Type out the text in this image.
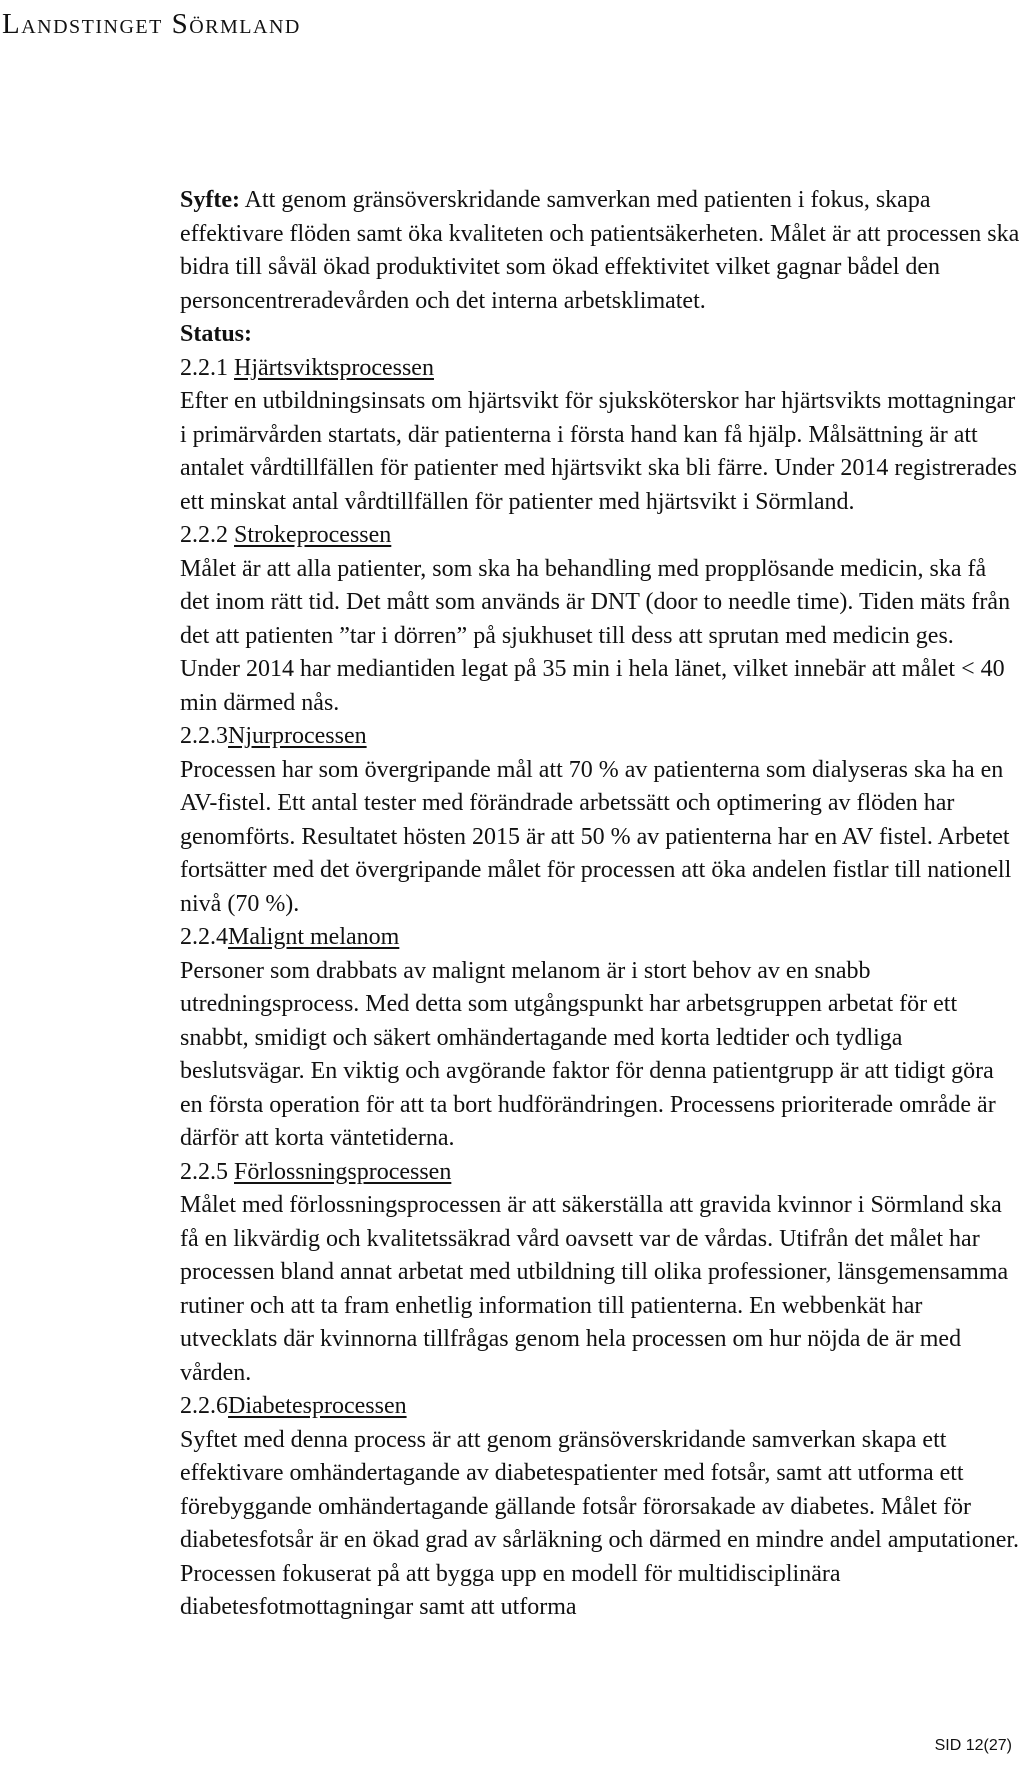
Landstinget Sörmland

Syfte: Att genom gränsöverskridande samverkan med patienten i fokus, skapa effektivare flöden samt öka kvaliteten och patientsäkerheten. Målet är att processen ska bidra till såväl ökad produktivitet som ökad effektivitet vilket gagnar bådel den personcentreradevården och det interna arbetsklimatet.

Status:

2.2.1 Hjärtsviktsprocessen

Efter en utbildningsinsats om hjärtsvikt för sjuksköterskor har hjärtsvikts mottagningar i primärvården startats, där patienterna i första hand kan få hjälp. Målsättning är att antalet vårdtillfällen för patienter med hjärtsvikt ska bli färre. Under 2014 registrerades ett minskat antal vårdtillfällen för patienter med hjärtsvikt i Sörmland.

2.2.2 Strokeprocessen

Målet är att alla patienter, som ska ha behandling med propplösande medicin, ska få det inom rätt tid. Det mått som används är DNT (door to needle time). Tiden mäts från det att patienten ”tar i dörren” på sjukhuset till dess att sprutan med medicin ges.

Under 2014 har mediantiden legat på 35 min i hela länet, vilket innebär att målet < 40 min därmed nås.

2.2.3Njurprocessen

Processen har som övergripande mål att 70 % av patienterna som dialyseras ska ha en AV-fistel. Ett antal tester med förändrade arbetssätt och optimering av flöden har genomförts. Resultatet hösten 2015 är att 50 % av patienterna har en AV fistel. Arbetet fortsätter med det övergripande målet för processen att öka andelen fistlar till nationell nivå (70 %).

2.2.4Malignt melanom

Personer som drabbats av malignt melanom är i stort behov av en snabb utredningsprocess. Med detta som utgångspunkt har arbetsgruppen arbetat för ett snabbt, smidigt och säkert omhändertagande med korta ledtider och tydliga beslutsvägar. En viktig och avgörande faktor för denna patientgrupp är att tidigt göra en första operation för att ta bort hudförändringen. Processens prioriterade område är därför att korta väntetiderna.

2.2.5 Förlossningsprocessen

Målet med förlossningsprocessen är att säkerställa att gravida kvinnor i Sörmland ska få en likvärdig och kvalitetssäkrad vård oavsett var de vårdas. Utifrån det målet har processen bland annat arbetat med utbildning till olika professioner, länsgemensamma rutiner och att ta fram enhetlig information till patienterna. En webbenkät har utvecklats där kvinnorna tillfrågas genom hela processen om hur nöjda de är med vården.

2.2.6Diabetesprocessen

Syftet med denna process är att genom gränsöverskridande samverkan skapa ett effektivare omhändertagande av diabetespatienter med fotsår, samt att utforma ett förebyggande omhändertagande gällande fotsår förorsakade av diabetes. Målet för diabetesfotsår är en ökad grad av sårläkning och därmed en mindre andel amputationer. Processen fokuserat på att bygga upp en modell för multidisciplinära diabetesfotmottagningar samt att utforma

SID 12(27)
